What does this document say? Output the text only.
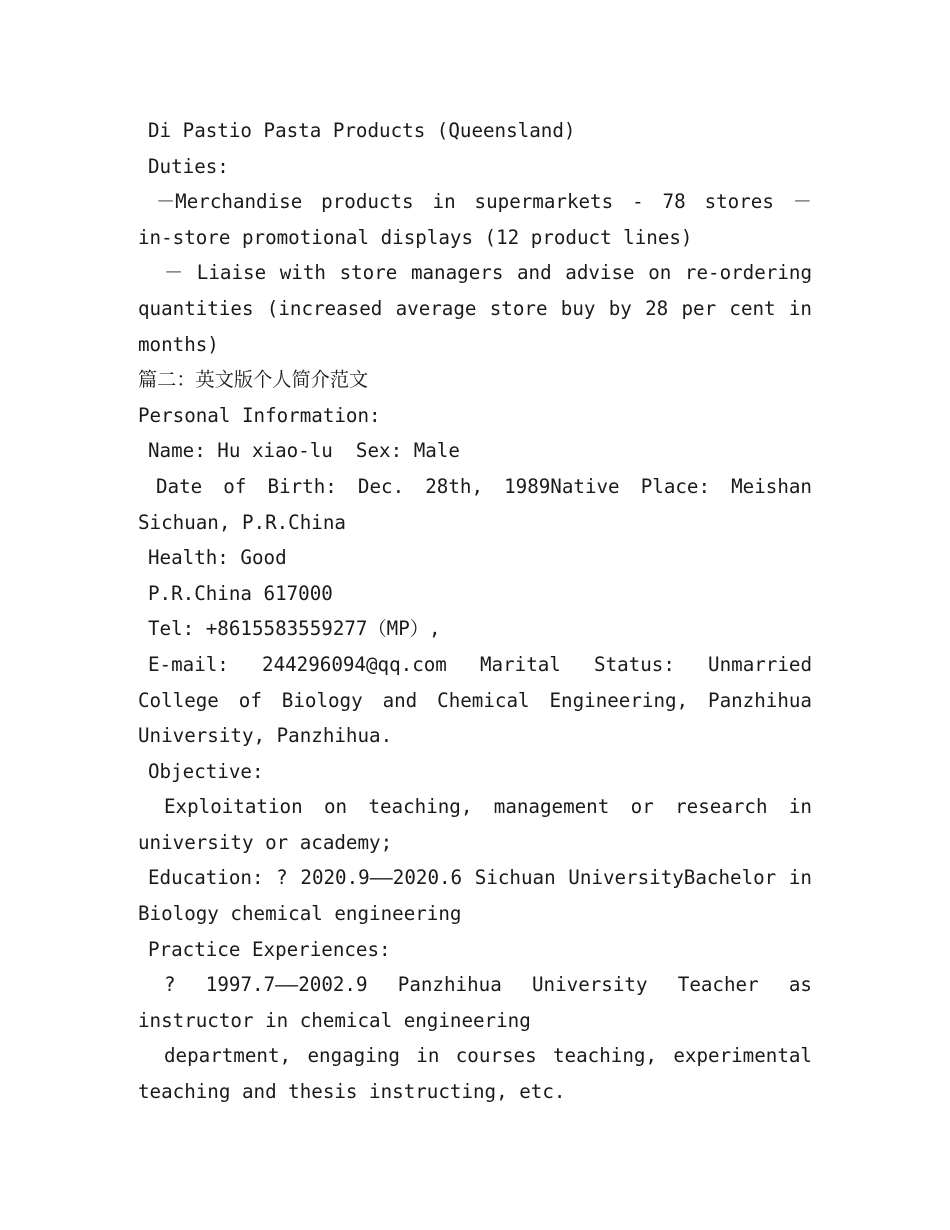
Di Pastio Pasta Products (Queensland)
Duties:
－Merchandise products in supermarkets - 78 stores －
in-store promotional displays (12 product lines)
－ Liaise with store managers and advise on re-ordering
quantities (increased average store buy by 28 per cent in
months)
篇二：英文版个人简介范文
Personal Information:
Name: Hu xiao-lu  Sex: Male
Date of Birth: Dec. 28th, 1989Native Place: Meishan
Sichuan, P.R.China
Health: Good
P.R.China 617000
Tel: +8615583559277（MP）,
E-mail: 244296094@qq.com Marital Status: Unmarried
College of Biology and Chemical Engineering, Panzhihua
University, Panzhihua.
Objective:
Exploitation on teaching, management or research in
university or academy;
Education: ? 2020.9——2020.6 Sichuan UniversityBachelor in
Biology chemical engineering
Practice Experiences:
? 1997.7——2002.9 Panzhihua University Teacher as
instructor in chemical engineering
department, engaging in courses teaching, experimental
teaching and thesis instructing, etc.
